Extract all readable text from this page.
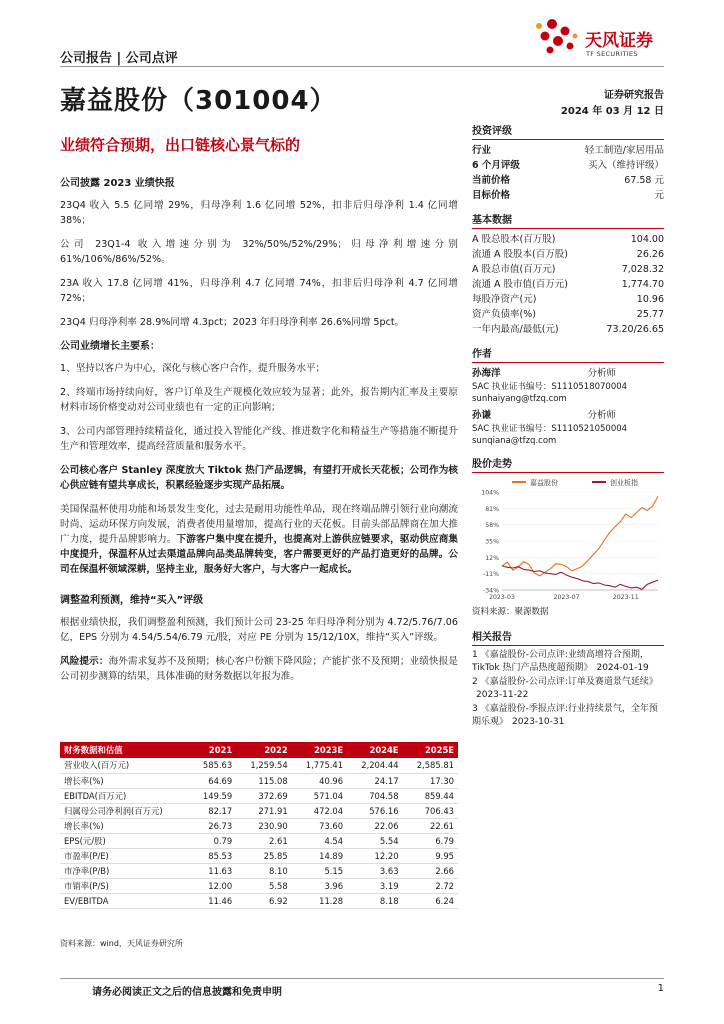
公司报告 | 公司点评
天风证券
TF SECURITIES
嘉益股份（301004）	证券研究报告
2024 年 03 月 12 日
业绩符合预期，出口链核心景气标的
公司披露 2023 业绩快报
23Q4 收入 5.5 亿同增 29%，归母净利 1.6 亿同增 52%，扣非后归母净利 1.4 亿同增 38%；
公司 23Q1-4 收入增速分别为 32%/50%/52%/29%；归母净利增速分别 61%/106%/86%/52%。
23A 收入 17.8 亿同增 41%，归母净利 4.7 亿同增 74%，扣非后归母净利 4.7 亿同增 72%；
23Q4 归母净利率 28.9%同增 4.3pct；2023 年归母净利率 26.6%同增 5pct。
公司业绩增长主要系：
1、坚持以客户为中心，深化与核心客户合作，提升服务水平；
2、终端市场持续向好，客户订单及生产规模化效应较为显著；此外，报告期内汇率及主要原材料市场价格变动对公司业绩也有一定的正向影响；
3、公司内部管理持续精益化，通过投入智能化产线、推进数字化和精益生产等措施不断提升生产和管理效率，提高经营质量和服务水平。
公司核心客户 Stanley 深度放大 Tiktok 热门产品逻辑，有望打开成长天花板；公司作为核心供应链有望共享成长，积累经验逐步实现产品拓展。
美国保温杯使用功能和场景发生变化，过去是耐用功能性单品，现在终端品牌引领行业向潮流时尚、运动环保方向发展，消费者使用量增加，提高行业的天花板。目前头部品牌商在加大推广力度，提升品牌影响力。下游客户集中度在提升，也提高对上游供应链要求，驱动供应商集中度提升，保温杯从过去渠道品牌向品类品牌转变，客户需要更好的产品打造更好的品牌。公司在保温杯领域深耕，坚持主业，服务好大客户，与大客户一起成长。
调整盈利预测，维持“买入”评级
根据业绩快报，我们调整盈利预测，我们预计公司 23-25 年归母净利分别为 4.72/5.76/7.06 亿，EPS 分别为 4.54/5.54/6.79 元/股，对应 PE 分别为 15/12/10X，维持“买入”评级。
风险提示：海外需求复苏不及预期；核心客户份额下降风险；产能扩张不及预期；业绩快报是公司初步测算的结果，具体准确的财务数据以年报为准。
投资评级
行业	轻工制造/家居用品
6 个月评级	买入（维持评级）
当前价格	67.58 元
目标价格	元
基本数据
A 股总股本(百万股)	104.00
流通 A 股股本(百万股)	26.26
A 股总市值(百万元)	7,028.32
流通 A 股市值(百万元)	1,774.70
每股净资产(元)	10.96
资产负债率(%)	25.77
一年内最高/最低(元)	73.20/26.65
作者
孙海洋	分析师
SAC 执业证书编号：S1110518070004
sunhaiyang@tfzq.com
孙谦	分析师
SAC 执业证书编号：S1110521050004
sunqiana@tfzq.com
股价走势
嘉益股份	创业板指
104%
81%
58%
35%
12%
-11%
-34%
2023-03	2023-07	2023-11
资料来源：聚源数据
相关报告
1 《嘉益股份-公司点评:业绩高增符合预期，TikTok 热门产品热度超预期》 2024-01-19
2 《嘉益股份-公司点评:订单及赛道景气延续》2023-11-22
3 《嘉益股份-季报点评:行业持续景气，全年预期乐观》 2023-10-31
财务数据和估值	2021	2022	2023E	2024E	2025E
营业收入(百万元)	585.63	1,259.54	1,775.41	2,204.44	2,585.81
增长率(%)	64.69	115.08	40.96	24.17	17.30
EBITDA(百万元)	149.59	372.69	571.04	704.58	859.44
归属母公司净利润(百万元)	82.17	271.91	472.04	576.16	706.43
增长率(%)	26.73	230.90	73.60	22.06	22.61
EPS(元/股)	0.79	2.61	4.54	5.54	6.79
市盈率(P/E)	85.53	25.85	14.89	12.20	9.95
市净率(P/B)	11.63	8.10	5.15	3.63	2.66
市销率(P/S)	12.00	5.58	3.96	3.19	2.72
EV/EBITDA	11.46	6.92	11.28	8.18	6.24
资料来源：wind，天风证券研究所
请务必阅读正文之后的信息披露和免责申明	1
